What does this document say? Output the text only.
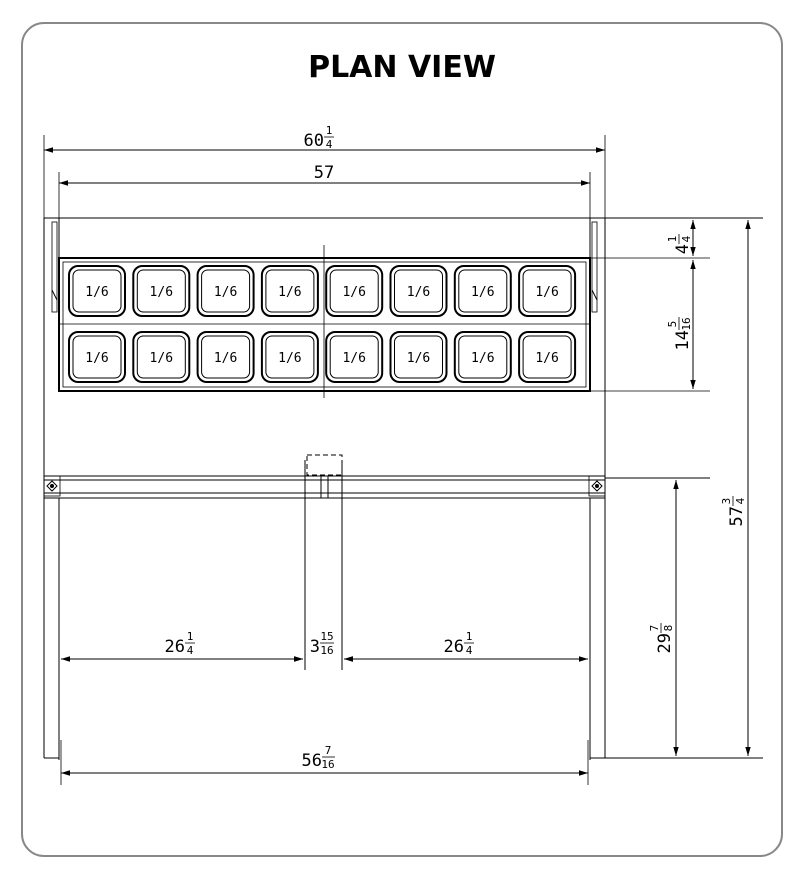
PLAN VIEW
60
1
4
57
1/6	1/6	1/6	1/6	1/6	1/6	1/6	1/6
1/6	1/6	1/6	1/6	1/6	1/6	1/6	1/6
4
1 4
14
5 16
57
3 4
29
7 8
26
1
4	3
15
16	26
1
4
56
7
16
